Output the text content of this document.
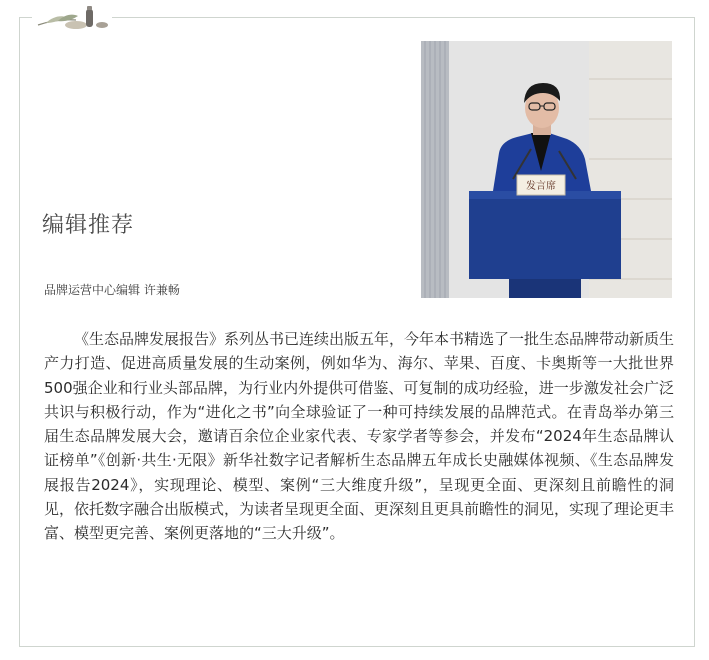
编辑推荐
品牌运营中心编辑 许兼畅
发言席

《生态品牌发展报告》系列丛书已连续出版五年，今年本书精选了一批生态品牌带动新质生产力打造、促进高质量发展的生动案例，例如华为、海尔、苹果、百度、卡奥斯等一大批世界500强企业和行业头部品牌，为行业内外提供可借鉴、可复制的成功经验，进一步激发社会广泛共识与积极行动，作为“进化之书”向全球验证了一种可持续发展的品牌范式。在青岛举办第三届生态品牌发展大会，邀请百余位企业家代表、专家学者等参会，并发布“2024年生态品牌认证榜单”《创新·共生·无限》新华社数字记者解析生态品牌五年成长史融媒体视频、《生态品牌发展报告2024》，实现理论、模型、案例“三大维度升级”，呈现更全面、更深刻且前瞻性的洞见，依托数字融合出版模式，为读者呈现更全面、更深刻且更具前瞻性的洞见，实现了理论更丰富、模型更完善、案例更落地的“三大升级”。
